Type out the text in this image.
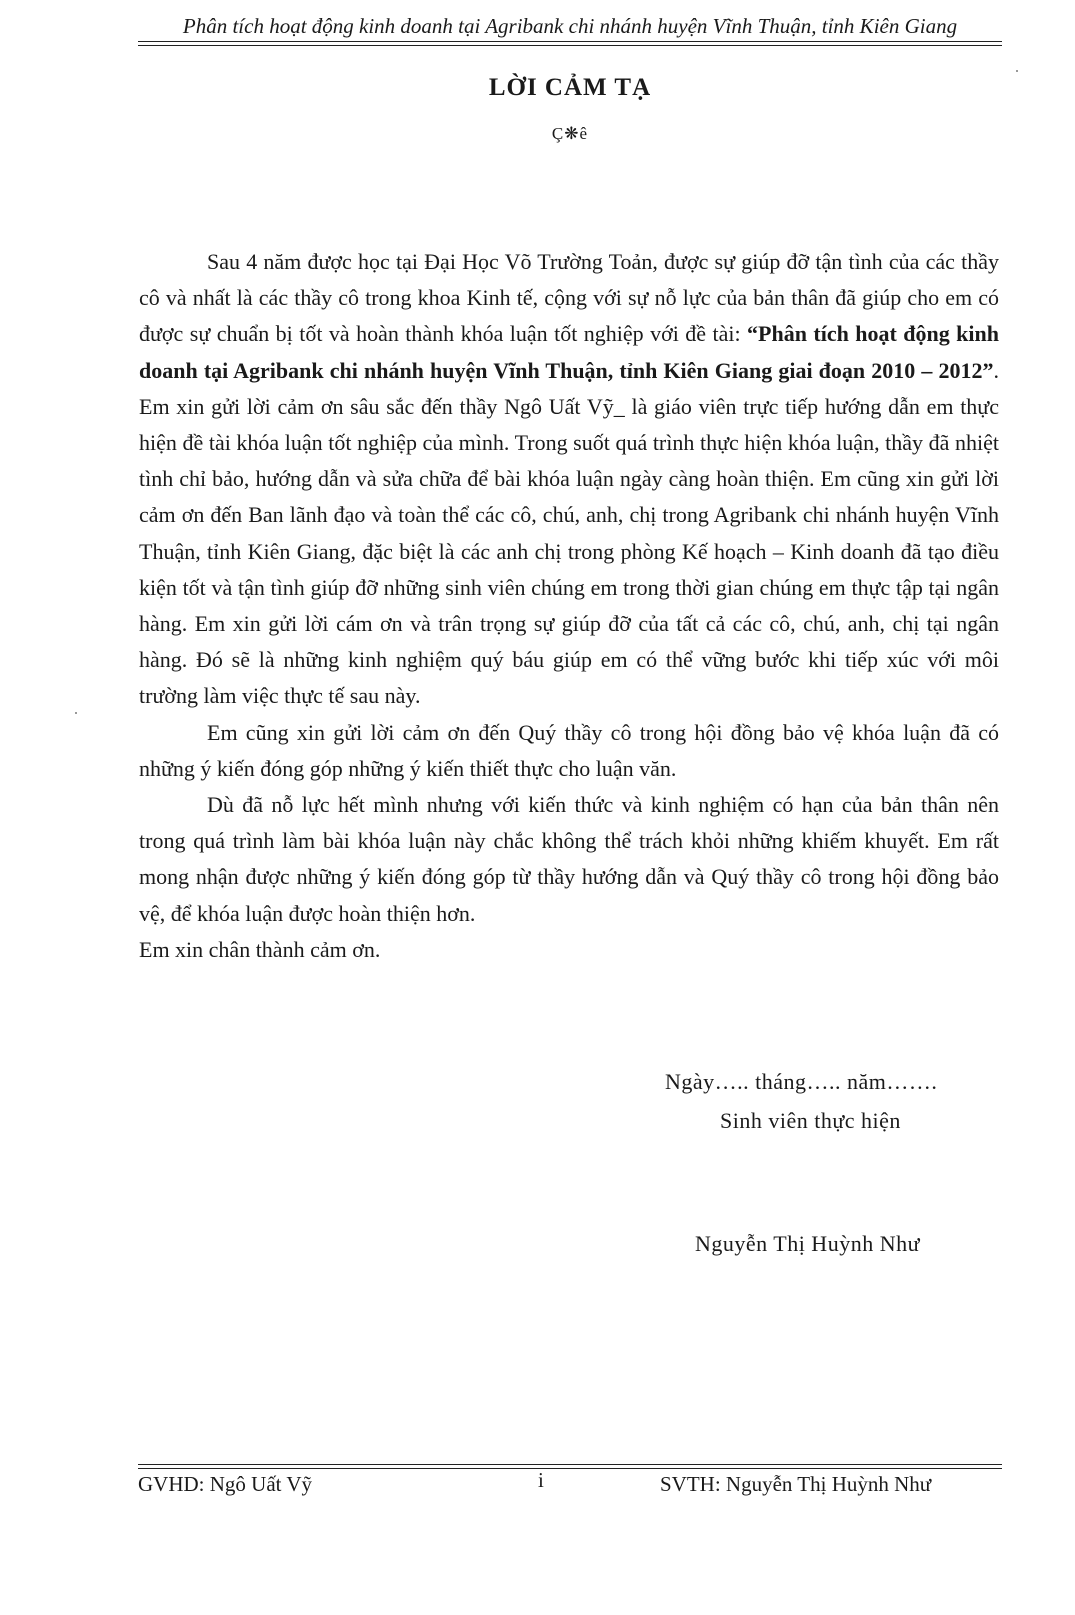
Phân tích hoạt động kinh doanh tại Agribank chi nhánh huyện Vĩnh Thuận, tỉnh Kiên Giang
LỜI CẢM TẠ
Ç❋ê

Sau 4 năm được học tại Đại Học Võ Trường Toản, được sự giúp đỡ tận tình của các thầy cô và nhất là các thầy cô trong khoa Kinh tế, cộng với sự nỗ lực của bản thân đã giúp cho em có được sự chuẩn bị tốt và hoàn thành khóa luận tốt nghiệp với đề tài: “Phân tích hoạt động kinh doanh tại Agribank chi nhánh huyện Vĩnh Thuận, tỉnh Kiên Giang giai đoạn 2010 – 2012”. Em xin gửi lời cảm ơn sâu sắc đến thầy Ngô Uất Vỹ_ là giáo viên trực tiếp hướng dẫn em thực hiện đề tài khóa luận tốt nghiệp của mình. Trong suốt quá trình thực hiện khóa luận, thầy đã nhiệt tình chỉ bảo, hướng dẫn và sửa chữa để bài khóa luận ngày càng hoàn thiện. Em cũng xin gửi lời cảm ơn đến Ban lãnh đạo và toàn thể các cô, chú, anh, chị trong Agribank chi nhánh huyện Vĩnh Thuận, tỉnh Kiên Giang, đặc biệt là các anh chị trong phòng Kế hoạch – Kinh doanh đã tạo điều kiện tốt và tận tình giúp đỡ những sinh viên chúng em trong thời gian chúng em thực tập tại ngân hàng. Em xin gửi lời cám ơn và trân trọng sự giúp đỡ của tất cả các cô, chú, anh, chị tại ngân hàng. Đó sẽ là những kinh nghiệm quý báu giúp em có thể vững bước khi tiếp xúc với môi trường làm việc thực tế sau này.

Em cũng xin gửi lời cảm ơn đến Quý thầy cô trong hội đồng bảo vệ khóa luận đã có những ý kiến đóng góp những ý kiến thiết thực cho luận văn.

Dù đã nỗ lực hết mình nhưng với kiến thức và kinh nghiệm có hạn của bản thân nên trong quá trình làm bài khóa luận này chắc không thể trách khỏi những khiếm khuyết. Em rất mong nhận được những ý kiến đóng góp từ thầy hướng dẫn và Quý thầy cô trong hội đồng bảo vệ, để khóa luận được hoàn thiện hơn.

Em xin chân thành cảm ơn.

Ngày….. tháng….. năm…….
Sinh viên thực hiện
Nguyễn Thị Huỳnh Như
GVHD: Ngô Uất Vỹ	i	SVTH: Nguyễn Thị Huỳnh Như
